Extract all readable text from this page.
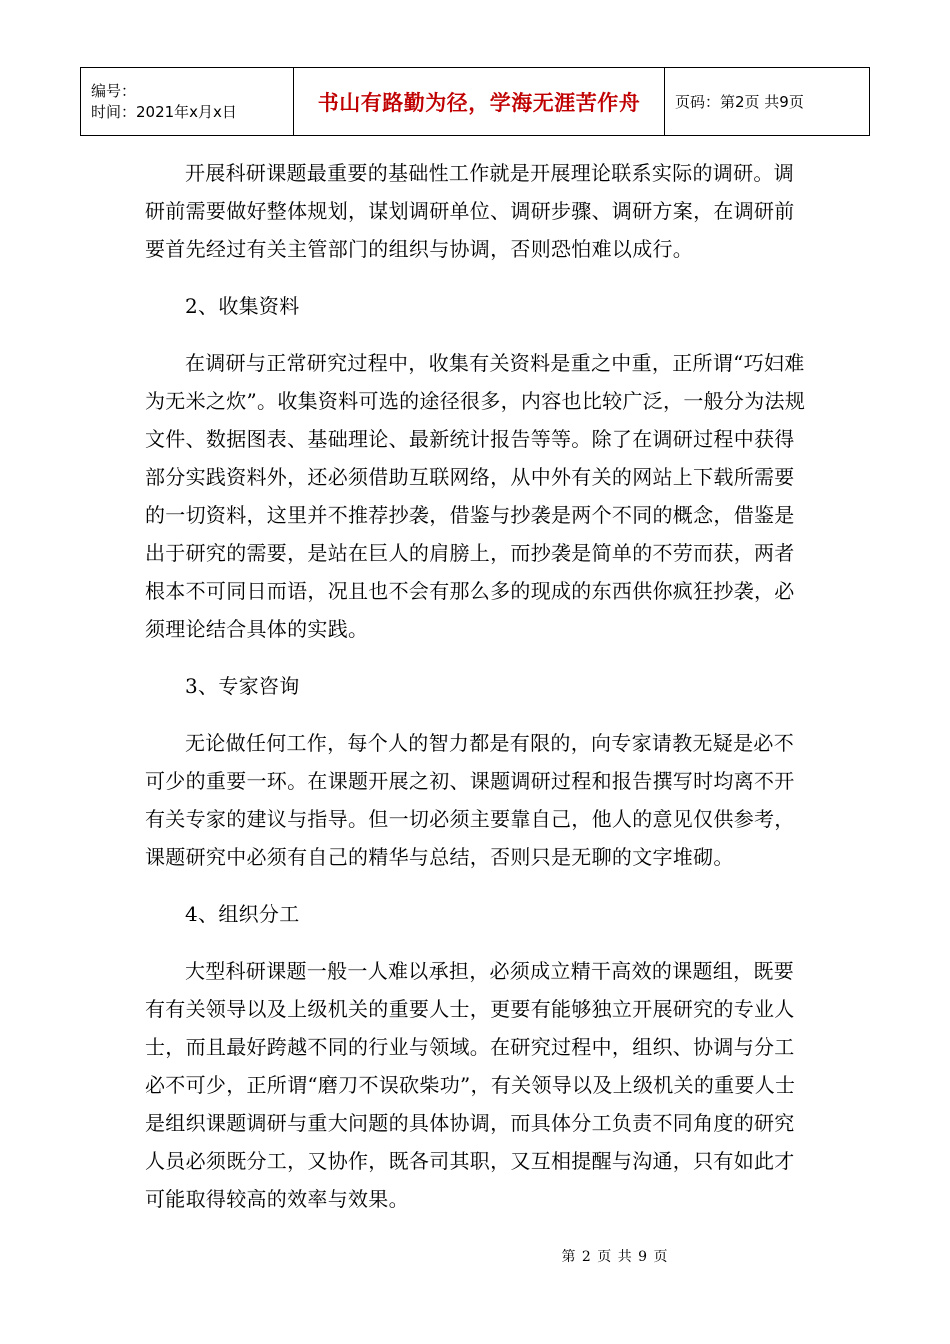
编号：
时间：2021年x月x日	书山有路勤为径，学海无涯苦作舟	页码：第2页 共9页

开展科研课题最重要的基础性工作就是开展理论联系实际的调研。调研前需要做好整体规划，谋划调研单位、调研步骤、调研方案，在调研前要首先经过有关主管部门的组织与协调，否则恐怕难以成行。

2、收集资料

在调研与正常研究过程中，收集有关资料是重之中重，正所谓“巧妇难为无米之炊”。收集资料可选的途径很多，内容也比较广泛，一般分为法规文件、数据图表、基础理论、最新统计报告等等。除了在调研过程中获得部分实践资料外，还必须借助互联网络，从中外有关的网站上下载所需要的一切资料，这里并不推荐抄袭，借鉴与抄袭是两个不同的概念，借鉴是出于研究的需要，是站在巨人的肩膀上，而抄袭是简单的不劳而获，两者根本不可同日而语，况且也不会有那么多的现成的东西供你疯狂抄袭，必须理论结合具体的实践。

3、专家咨询

无论做任何工作，每个人的智力都是有限的，向专家请教无疑是必不可少的重要一环。在课题开展之初、课题调研过程和报告撰写时均离不开有关专家的建议与指导。但一切必须主要靠自己，他人的意见仅供参考，课题研究中必须有自己的精华与总结，否则只是无聊的文字堆砌。

4、组织分工

大型科研课题一般一人难以承担，必须成立精干高效的课题组，既要有有关领导以及上级机关的重要人士，更要有能够独立开展研究的专业人士，而且最好跨越不同的行业与领域。在研究过程中，组织、协调与分工必不可少，正所谓“磨刀不误砍柴功”，有关领导以及上级机关的重要人士是组织课题调研与重大问题的具体协调，而具体分工负责不同角度的研究人员必须既分工，又协作，既各司其职，又互相提醒与沟通，只有如此才可能取得较高的效率与效果。

第 2 页 共 9 页
